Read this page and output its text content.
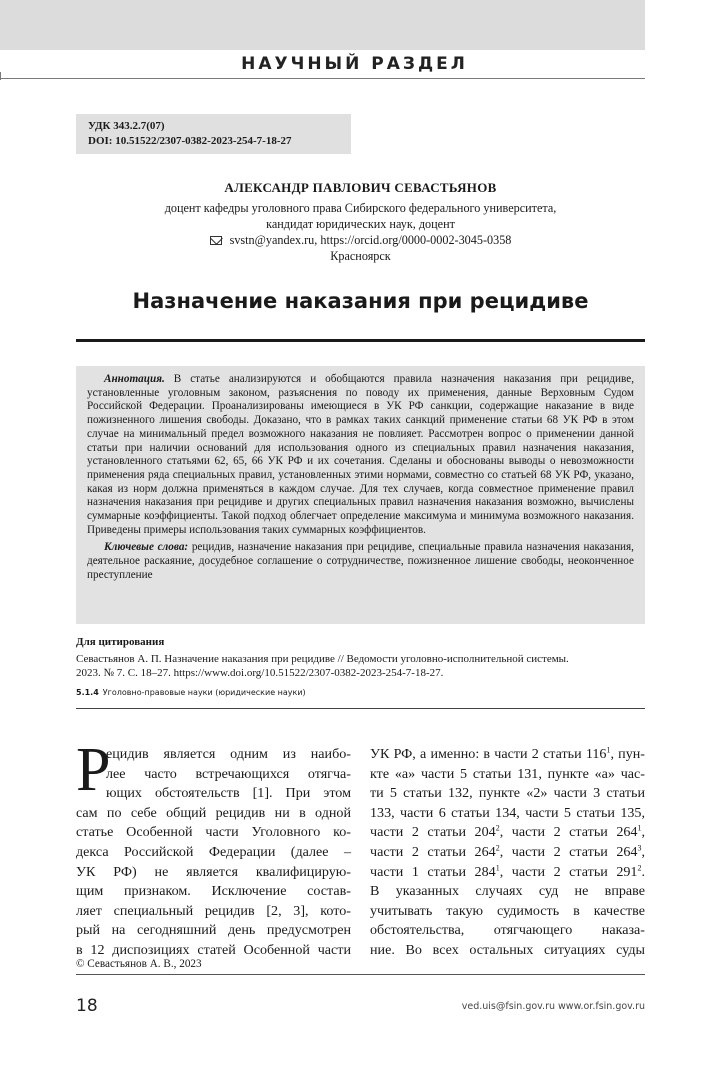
НАУЧНЫЙ РАЗДЕЛ
УДК 343.2.7(07)
DOI: 10.51522/2307-0382-2023-254-7-18-27
АЛЕКСАНДР ПАВЛОВИЧ СЕВАСТЬЯНОВ
доцент кафедры уголовного права Сибирского федерального университета,
кандидат юридических наук, доцент
svstn@yandex.ru, https://orcid.org/0000-0002-3045-0358
Красноярск
Назначение наказания при рецидиве

Аннотация. В статье анализируются и обобщаются правила назначения наказания при рецидиве, установленные уголовным законом, разъяснения по поводу их применения, данные Верховным Судом Российской Федерации. Проанализированы имеющиеся в УК РФ санкции, содержащие наказание в виде пожизненного лишения свободы. Доказано, что в рамках таких санкций применение статьи 68 УК РФ в этом случае на минимальный предел возможного наказания не повлияет. Рассмотрен вопрос о применении данной статьи при наличии оснований для использования одного из специальных правил назначения наказания, установленного статьями 62, 65, 66 УК РФ и их сочетания. Сделаны и обоснованы выводы о невозможности применения ряда специальных правил, установленных этими нормами, совместно со статьей 68 УК РФ, указано, какая из норм должна применяться в каждом случае. Для тех случаев, когда совместное применение правил назначения наказания при рецидиве и других специальных правил назначения наказания возможно, вычислены суммарные коэффициенты. Такой подход облегчает определение максимума и минимума возможного наказания. Приведены примеры использования таких суммарных коэффициентов.

Ключевые слова: рецидив, назначение наказания при рецидиве, специальные правила назначения наказания, деятельное раскаяние, досудебное соглашение о сотрудничестве, пожизненное лишение свободы, неоконченное преступление

Для цитирования
Севастьянов А. П. Назначение наказания при рецидиве // Ведомости уголовно-исполнительной системы.
2023. № 7. С. 18–27. https://www.doi.org/10.51522/2307-0382-2023-254-7-18-27.
5.1.4 Уголовно-правовые науки (юридические науки)
Р
ецидив является одним из наибо-
лее часто встречающихся отягча-
ющих обстоятельств [1]. При этом
сам по себе общий рецидив ни в одной
статье Особенной части Уголовного ко-
декса Российской Федерации (далее –
УК РФ) не является квалифицирую-
щим признаком. Исключение состав-
ляет специальный рецидив [2, 3], кото-
рый на сегодняшний день предусмотрен
в 12 диспозициях статей Особенной части
УК РФ, а именно: в части 2 статьи $116^1$, пун-
кте «а» части 5 статьи 131, пункте «а» час-
ти 5 статьи 132, пункте «2» части 3 статьи
133, части 6 статьи 134, части 5 статьи 135,
части 2 статьи $204^2$, части 2 статьи $264^1$,
части 2 статьи $264^2$, части 2 статьи $264^3$,
части 1 статьи $284^1$, части 2 статьи $291^2$.
В указанных случаях суд не вправе
учитывать такую судимость в качестве
обстоятельства, отягчающего наказа-
ние. Во всех остальных ситуациях суды
© Севастьянов А. В., 2023
18	ved.uis@fsin.gov.ru www.or.fsin.gov.ru
